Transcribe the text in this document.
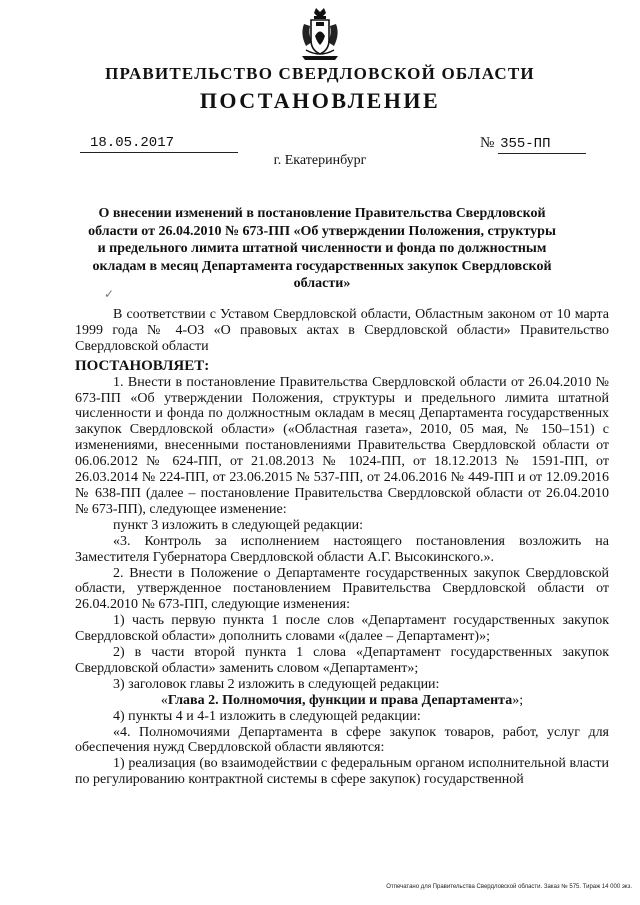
ПРАВИТЕЛЬСТВО СВЕРДЛОВСКОЙ ОБЛАСТИ
ПОСТАНОВЛЕНИЕ
18.05.2017	№ 355-ПП
г. Екатеринбург
О внесении изменений в постановление Правительства Свердловской области от 26.04.2010 № 673-ПП «Об утверждении Положения, структуры и предельного лимита штатной численности и фонда по должностным окладам в месяц Департамента государственных закупок Свердловской области»
✓

В соответствии с Уставом Свердловской области, Областным законом от 10 марта 1999 года № 4-ОЗ «О правовых актах в Свердловской области» Правительство Свердловской области

ПОСТАНОВЛЯЕТ:

1. Внести в постановление Правительства Свердловской области от 26.04.2010 № 673-ПП «Об утверждении Положения, структуры и предельного лимита штатной численности и фонда по должностным окладам в месяц Департамента государственных закупок Свердловской области» («Областная газета», 2010, 05 мая, № 150–151) с изменениями, внесенными постановлениями Правительства Свердловской области от 06.06.2012 № 624-ПП, от 21.08.2013 № 1024-ПП, от 18.12.2013 № 1591-ПП, от 26.03.2014 № 224-ПП, от 23.06.2015 № 537-ПП, от 24.06.2016 № 449-ПП и от 12.09.2016 № 638-ПП (далее – постановление Правительства Свердловской области от 26.04.2010 № 673-ПП), следующее изменение:

пункт 3 изложить в следующей редакции:

«3. Контроль за исполнением настоящего постановления возложить на Заместителя Губернатора Свердловской области А.Г. Высокинского.».

2. Внести в Положение о Департаменте государственных закупок Свердловской области, утвержденное постановлением Правительства Свердловской области от 26.04.2010 № 673-ПП, следующие изменения:

1) часть первую пункта 1 после слов «Департамент государственных закупок Свердловской области» дополнить словами «(далее – Департамент)»;

2) в части второй пункта 1 слова «Департамент государственных закупок Свердловской области» заменить словом «Департамент»;

3) заголовок главы 2 изложить в следующей редакции:

«Глава 2. Полномочия, функции и права Департамента»;

4) пункты 4 и 4-1 изложить в следующей редакции:

«4. Полномочиями Департамента в сфере закупок товаров, работ, услуг для обеспечения нужд Свердловской области являются:

1) реализация (во взаимодействии с федеральным органом исполнительной власти по регулированию контрактной системы в сфере закупок) государственной

Отпечатано для Правительства Свердловской области. Заказ № 575. Тираж 14 000 экз.
